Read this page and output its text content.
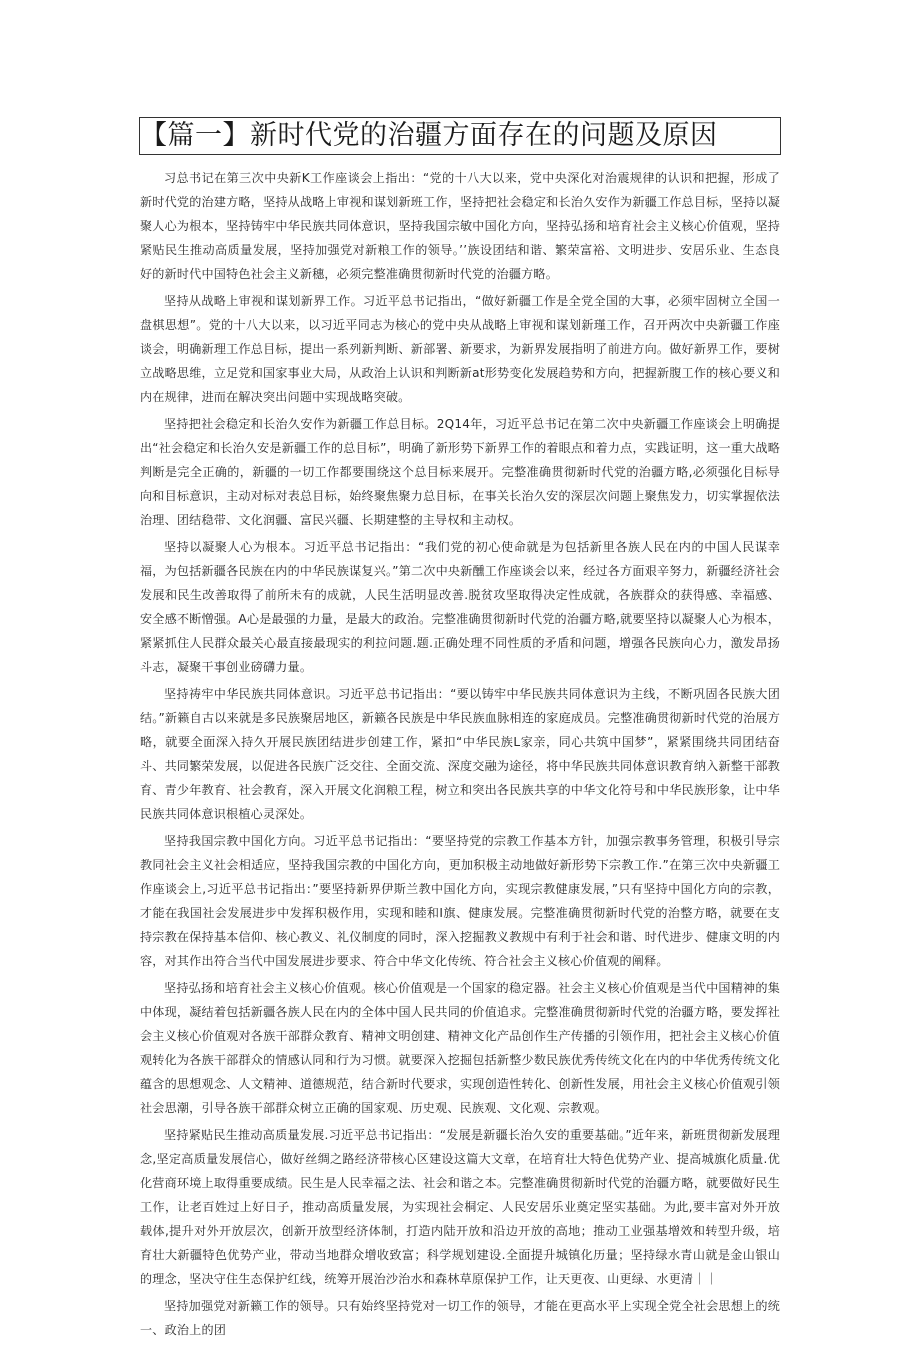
【篇一】新时代党的治疆方面存在的问题及原因

习总书记在第三次中央新K工作座谈会上指出：“党的十八大以来，党中央深化对治震规律的认识和把握，形成了新时代党的治建方略，坚持从战略上审视和谋划新班工作，坚持把社会稳定和长治久安作为新疆工作总目标，坚持以凝聚人心为根本，坚持铸牢中华民族共同体意识，坚持我国宗敏中国化方向，坚持弘扬和培育社会主义核心价值观，坚持紧贴民生推动高质量发展，坚持加强党对新粮工作的领导。’’族设团结和谐、繁荣富裕、文明进步、安居乐业、生态良好的新时代中国特色社会主义新穗，必须完整准确贯彻新时代党的治疆方略。

坚持从战略上审视和谋划新界工作。习近平总书记指出，“做好新疆工作是全党全国的大事，必须牢固树立全国一盘棋思想”。党的十八大以来，以习近平同志为核心的党中央从战略上审视和谋划新瑾工作，召开两次中央新疆工作座谈会，明确新理工作总目标，提出一系列新判断、新部署、新要求，为新界发展指明了前进方向。做好新界工作，要树立战略思维，立足党和国家事业大局，从政治上认识和判断新at形势变化发展趋势和方向，把握新腹工作的核心要义和内在规律，进而在解决突出问题中实现战略突破。

坚持把社会稳定和长治久安作为新疆工作总目标。2Q14年，习近平总书记在第二次中央新疆工作座谈会上明确提出“社会稳定和长治久安是新疆工作的总目标”，明确了新形势下新界工作的着眼点和着力点，实践证明，这一重大战略判断是完全正确的，新疆的一切工作都要围绕这个总目标来展开。完整准确贯彻新时代党的治疆方略,必须强化目标导向和目标意识，主动对标对表总目标，始终聚焦聚力总目标，在事关长治久安的深层次问题上聚焦发力，切实掌握依法治理、团结稳带、文化润疆、富民兴疆、长期建整的主导权和主动权。

坚持以凝聚人心为根本。习近平总书记指出：“我们党的初心使命就是为包括新里各族人民在内的中国人民谋幸福，为包括新疆各民族在内的中华民族谋复兴。”第二次中央新醺工作座谈会以来，经过各方面艰辛努力，新疆经济社会发展和民生改善取得了前所未有的成就，人民生活明显改善.脱贫攻坚取得决定性成就，各族群众的获得感、幸福感、安全感不断憎强。A心是最强的力量，是最大的政治。完整准确贯彻新时代党的治疆方略,就要坚持以凝聚人心为根本，紧紧抓住人民群众最关心最直接最现实的利拉问题.题.正确处理不同性质的矛盾和问题，增强各民族向心力，激发昂扬斗志，凝聚干事创业磅礴力量。

坚持祷牢中华民族共同体意识。习近平总书记指出：“要以铸牢中华民族共同体意识为主线，不断巩固各民族大团结。”新籁自古以来就是多民族聚居地区，新籁各民族是中华民族血脉相连的家庭成员。完整准确贯彻新时代党的治展方略，就要全面深入持久开展民族团结进步创建工作，紧扣“中华民族L家亲，同心共筑中国梦”，紧紧围绕共同团结奋斗、共同繁荣发展，以促进各民族广泛交往、全面交流、深度交融为途径，将中华民族共同体意识教育纳入新整干部教育、青少年教育、社会教育，深入开展文化润粮工程，树立和突出各民族共享的中华文化符号和中华民族形象，让中华民族共同体意识根植心灵深处。

坚持我国宗教中国化方向。习近平总书记指出：“要坚持党的宗教工作基本方针，加强宗教事务管理，积极引导宗教同社会主义社会相适应，坚持我国宗教的中国化方向，更加积极主动地做好新形势下宗教工作.”在第三次中央新疆工作座谈会上,习近平总书记指出：”要坚持新界伊斯兰教中国化方向，实现宗教健康发展，”只有坚持中国化方向的宗教，才能在我国社会发展进步中发挥积极作用，实现和睦和I旗、健康发展。完整准确贯彻新时代党的治整方略，就要在支持宗教在保持基本信仰、核心教义、礼仪制度的同时，深入挖掘教义教规中有利于社会和谐、时代进步、健康文明的内容，对其作出符合当代中国发展进步要求、符合中华文化传统、符合社会主义核心价值观的阐释。

坚持弘扬和培育社会主义核心价值观。核心价值观是一个国家的稳定器。社会主义核心价值观是当代中国精神的集中体现，凝结着包括新疆各族人民在内的全体中国人民共同的价值追求。完整准确贯彻新时代党的治疆方略，要发挥社会主义核心价值观对各族干部群众教育、精神文明创建、精神文化产品创作生产传播的引领作用，把社会主义核心价值观转化为各族干部群众的情感认同和行为习惯。就要深入挖掘包括新整少数民族优秀传统文化在内的中华优秀传统文化蕴含的思想观念、人文精神、道德规范，结合新时代要求，实现创造性转化、创新性发展，用社会主义核心价值观引领社会思潮，引导各族干部群众树立正确的国家观、历史观、民族观、文化观、宗教观。

坚持紧贴民生推动高质量发展.习近平总书记指出：“发展是新疆长治久安的重要基础。”近年来，新班贯彻新发展理念,坚定高质量发展信心，做好丝绸之路经济带核心区建设这篇大文章，在培育壮大特色优势产业、提高城旗化质量.优化营商环境上取得重要成绩。民生是人民幸福之法、社会和谐之本。完整准确贯彻新时代党的治疆方略，就要做好民生工作，让老百姓过上好日子，推动高质量发展，为实现社会桐定、人民安居乐业奠定坚实基础。为此,要丰富对外开放载体,提升对外开放层次，创新开放型经济体制，打造内陆开放和沿边开放的高地；推动工业强基增效和转型升级，培育壮大新疆特色优势产业，带动当地群众增收致富；科学规划建设.全面提升城镇化历量；坚持绿水青山就是金山银山的理念，坚决守住生态保护红线，统筹开展治沙治水和森林草原保护工作，让天更夜、山更绿、水更清｜｜

坚持加强党对新籁工作的领导。只有始终坚持党对一切工作的领导，才能在更高水平上实现全党全社会思想上的统一、政治上的团
